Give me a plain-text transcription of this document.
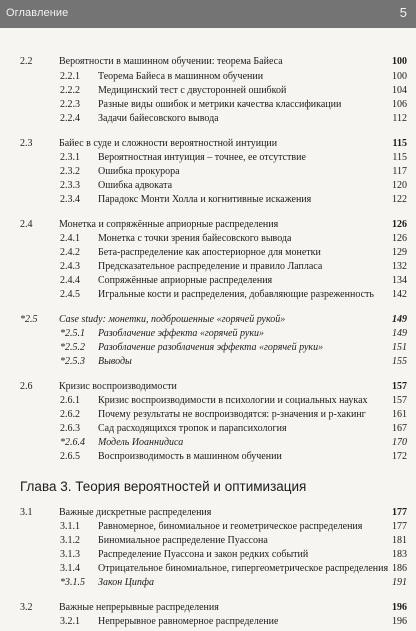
Оглавление	5
2.2	Вероятности в машинном обучении: теорема Байеса	100
2.2.1 Теорема Байеса в машинном обучении	100
2.2.2 Медицинский тест с двусторонней ошибкой	104
2.2.3 Разные виды ошибок и метрики качества классификации	106
2.2.4 Задачи байесовского вывода	112
2.3	Байес в суде и сложности вероятностной интуиции	115
2.3.1 Вероятностная интуиция – точнее, ее отсутствие	115
2.3.2 Ошибка прокурора	117
2.3.3 Ошибка адвоката	120
2.3.4 Парадокс Монти Холла и когнитивные искажения	122
2.4	Монетка и сопряжённые априорные распределения	126
2.4.1 Монетка с точки зрения байесовского вывода	126
2.4.2 Бета-распределение как апостериорное для монетки	129
2.4.3 Предсказательное распределение и правило Лапласа	132
2.4.4 Сопряжённые априорные распределения	134
2.4.5 Игральные кости и распределения, добавляющие разреженность 142
*2.5 Case study: монетки, подброшенные «горячей рукой»	149
*2.5.1 Разоблачение эффекта «горячей руки»	149
*2.5.2 Разоблачение разоблачения эффекта «горячей руки»	151
*2.5.3 Выводы	155
2.6	Кризис воспроизводимости	157
2.6.1 Кризис воспроизводимости в психологии и социальных науках 157
2.6.2 Почему результаты не воспроизводятся: p-значения и p-хакинг	161
2.6.3 Сад расходящихся тропок и парапсихология	167
*2.6.4 Модель Иоаннидиса	170
2.6.5 Воспроизводимость в машинном обучении	172
Глава 3. Теория вероятностей и оптимизация
3.1	Важные дискретные распределения	177
3.1.1 Равномерное, биномиальное и геометрическое распределения	177
3.1.2 Биномиальное распределение Пуассона	181
3.1.3 Распределение Пуассона и закон редких событий	183
3.1.4 Отрицательное биномиальное, гипергеометрическое распределения 186
*3.1.5 Закон Ципфа	191
3.2	Важные непрерывные распределения	196
3.2.1 Непрерывное равномерное распределение	196
